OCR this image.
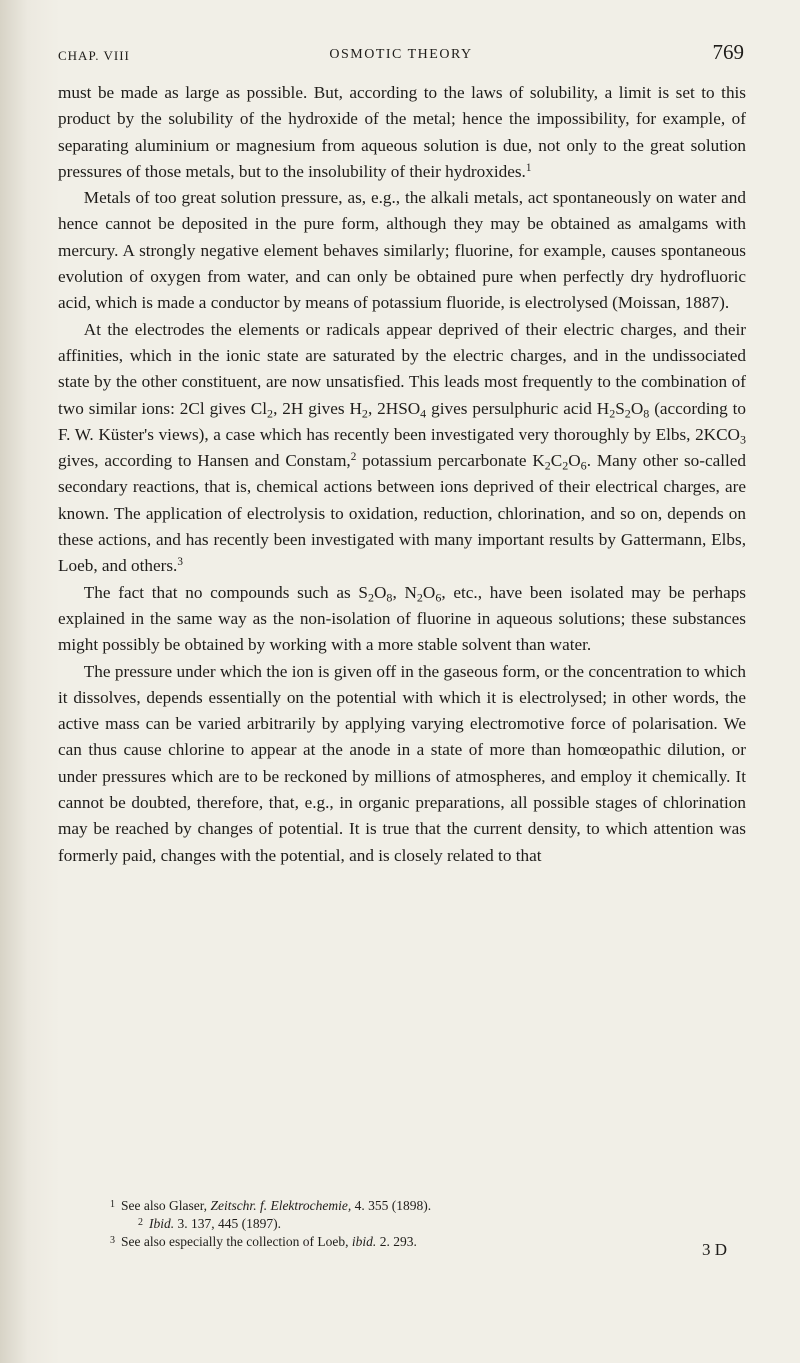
CHAP. VIII	OSMOTIC THEORY	769

must be made as large as possible. But, according to the laws of solubility, a limit is set to this product by the solubility of the hydroxide of the metal; hence the impossibility, for example, of separating aluminium or magnesium from aqueous solution is due, not only to the great solution pressures of those metals, but to the insolubility of their hydroxides.$^1$

Metals of too great solution pressure, as, e.g., the alkali metals, act spontaneously on water and hence cannot be deposited in the pure form, although they may be obtained as amalgams with mercury. A strongly negative element behaves similarly; fluorine, for example, causes spontaneous evolution of oxygen from water, and can only be obtained pure when perfectly dry hydrofluoric acid, which is made a conductor by means of potassium fluoride, is electrolysed (Moissan, 1887).

At the electrodes the elements or radicals appear deprived of their electric charges, and their affinities, which in the ionic state are saturated by the electric charges, and in the undissociated state by the other constituent, are now unsatisfied. This leads most frequently to the combination of two similar ions: 2Cl gives $Cl_2$, 2H gives $H_2$, $2HSO_4$ gives persulphuric acid $H_2S_2O_8$ (according to F. W. Küster's views), a case which has recently been investigated very thoroughly by Elbs, $2KCO_3$ gives, according to Hansen and Constam,$^2$ potassium percarbonate $K_2C_2O_6$. Many other so-called secondary reactions, that is, chemical actions between ions deprived of their electrical charges, are known. The application of electrolysis to oxidation, reduction, chlorination, and so on, depends on these actions, and has recently been investigated with many important results by Gattermann, Elbs, Loeb, and others.$^3$

The fact that no compounds such as $S_2O_8$, $N_2O_6$, etc., have been isolated may be perhaps explained in the same way as the non-isolation of fluorine in aqueous solutions; these substances might possibly be obtained by working with a more stable solvent than water.

The pressure under which the ion is given off in the gaseous form, or the concentration to which it dissolves, depends essentially on the potential with which it is electrolysed; in other words, the active mass can be varied arbitrarily by applying varying electromotive force of polarisation. We can thus cause chlorine to appear at the anode in a state of more than homœopathic dilution, or under pressures which are to be reckoned by millions of atmospheres, and employ it chemically. It cannot be doubted, therefore, that, e.g., in organic preparations, all possible stages of chlorination may be reached by changes of potential. It is true that the current density, to which attention was formerly paid, changes with the potential, and is closely related to that

$^1$ See also Glaser, Zeitschr. f. Elektrochemie, 4. 355 (1898).

$^2$ Ibid. 3. 137, 445 (1897).

$^3$ See also especially the collection of Loeb, ibid. 2. 293.	3 D
